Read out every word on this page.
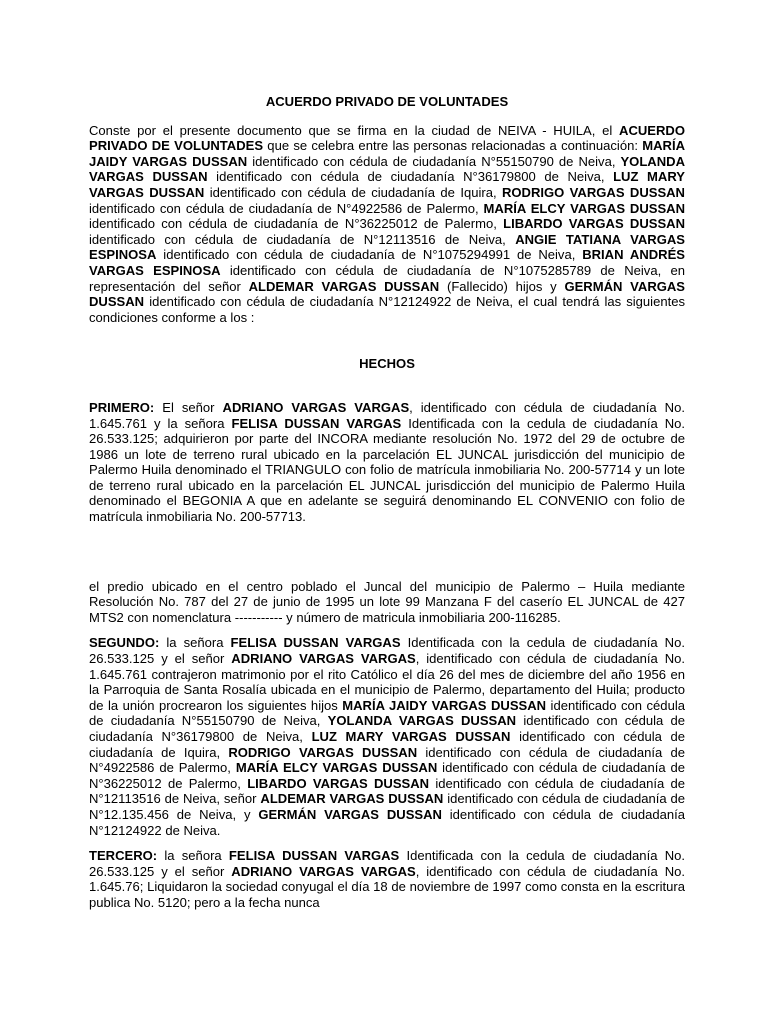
ACUERDO PRIVADO DE VOLUNTADES

Conste por el presente documento que se firma en la ciudad de NEIVA - HUILA, el ACUERDO PRIVADO DE VOLUNTADES que se celebra entre las personas relacionadas a continuación: MARÍA JAIDY VARGAS DUSSAN identificado con cédula de ciudadanía N°55150790 de Neiva, YOLANDA VARGAS DUSSAN identificado con cédula de ciudadanía N°36179800 de Neiva, LUZ MARY VARGAS DUSSAN identificado con cédula de ciudadanía de Iquira, RODRIGO VARGAS DUSSAN identificado con cédula de ciudadanía de N°4922586 de Palermo, MARÍA ELCY VARGAS DUSSAN identificado con cédula de ciudadanía de N°36225012 de Palermo, LIBARDO VARGAS DUSSAN identificado con cédula de ciudadanía de N°12113516 de Neiva, ANGIE TATIANA VARGAS ESPINOSA identificado con cédula de ciudadanía de N°1075294991 de Neiva, BRIAN ANDRÉS VARGAS ESPINOSA identificado con cédula de ciudadanía de N°1075285789 de Neiva, en representación del señor ALDEMAR VARGAS DUSSAN (Fallecido) hijos y GERMÁN VARGAS DUSSAN identificado con cédula de ciudadanía N°12124922 de Neiva, el cual tendrá las siguientes condiciones conforme a los :

HECHOS

PRIMERO: El señor ADRIANO VARGAS VARGAS, identificado con cédula de ciudadanía No. 1.645.761 y la señora FELISA DUSSAN VARGAS Identificada con la cedula de ciudadanía No. 26.533.125; adquirieron por parte del INCORA mediante resolución No. 1972 del 29 de octubre de 1986 un lote de terreno rural ubicado en la parcelación EL JUNCAL jurisdicción del municipio de Palermo Huila denominado el TRIANGULO con folio de matrícula inmobiliaria No. 200-57714 y un lote de terreno rural ubicado en la parcelación EL JUNCAL jurisdicción del municipio de Palermo Huila denominado el BEGONIA A que en adelante se seguirá denominando EL CONVENIO con folio de matrícula inmobiliaria No. 200-57713.

el predio ubicado en el centro poblado el Juncal del municipio de Palermo – Huila mediante Resolución No. 787 del 27 de junio de 1995 un lote 99 Manzana F del caserío EL JUNCAL de 427 MTS2 con nomenclatura ----------- y número de matricula inmobiliaria 200-116285.

SEGUNDO: la señora FELISA DUSSAN VARGAS Identificada con la cedula de ciudadanía No. 26.533.125 y el señor ADRIANO VARGAS VARGAS, identificado con cédula de ciudadanía No. 1.645.761 contrajeron matrimonio por el rito Católico el día 26 del mes de diciembre del año 1956 en la Parroquia de Santa Rosalía ubicada en el municipio de Palermo, departamento del Huila; producto de la unión procrearon los siguientes hijos MARÍA JAIDY VARGAS DUSSAN identificado con cédula de ciudadanía N°55150790 de Neiva, YOLANDA VARGAS DUSSAN identificado con cédula de ciudadanía N°36179800 de Neiva, LUZ MARY VARGAS DUSSAN identificado con cédula de ciudadanía de Iquira, RODRIGO VARGAS DUSSAN identificado con cédula de ciudadanía de N°4922586 de Palermo, MARÍA ELCY VARGAS DUSSAN identificado con cédula de ciudadanía de N°36225012 de Palermo, LIBARDO VARGAS DUSSAN identificado con cédula de ciudadanía de N°12113516 de Neiva, señor ALDEMAR VARGAS DUSSAN identificado con cédula de ciudadanía de N°12.135.456 de Neiva, y GERMÁN VARGAS DUSSAN identificado con cédula de ciudadanía N°12124922 de Neiva.

TERCERO: la señora FELISA DUSSAN VARGAS Identificada con la cedula de ciudadanía No. 26.533.125 y el señor ADRIANO VARGAS VARGAS, identificado con cédula de ciudadanía No. 1.645.76; Liquidaron la sociedad conyugal el día 18 de noviembre de 1997 como consta en la escritura publica No. 5120; pero a la fecha nunca
